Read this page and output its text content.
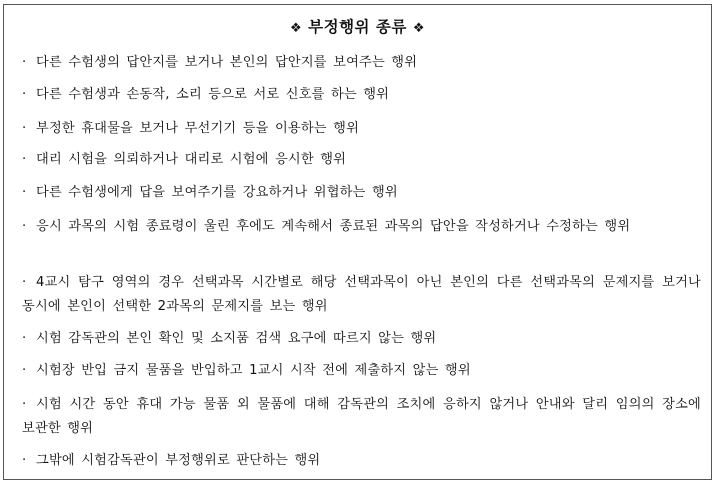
❖ 부정행위 종류 ❖
· 다른 수험생의 답안지를 보거나 본인의 답안지를 보여주는 행위
· 다른 수험생과 손동작, 소리 등으로 서로 신호를 하는 행위
· 부정한 휴대물을 보거나 무선기기 등을 이용하는 행위
· 대리 시험을 의뢰하거나 대리로 시험에 응시한 행위
· 다른 수험생에게 답을 보여주기를 강요하거나 위협하는 행위
· 응시 과목의 시험 종료령이 울린 후에도 계속해서 종료된 과목의 답안을 작성하거나 수정하는 행위
· 4교시 탐구 영역의 경우 선택과목 시간별로 해당 선택과목이 아닌 본인의 다른 선택과목의 문제지를 보거나 동시에 본인이 선택한 2과목의 문제지를 보는 행위
· 시험 감독관의 본인 확인 및 소지품 검색 요구에 따르지 않는 행위
· 시험장 반입 금지 물품을 반입하고 1교시 시작 전에 제출하지 않는 행위
· 시험 시간 동안 휴대 가능 물품 외 물품에 대해 감독관의 조치에 응하지 않거나 안내와 달리 임의의 장소에 보관한 행위
· 그밖에 시험감독관이 부정행위로 판단하는 행위
